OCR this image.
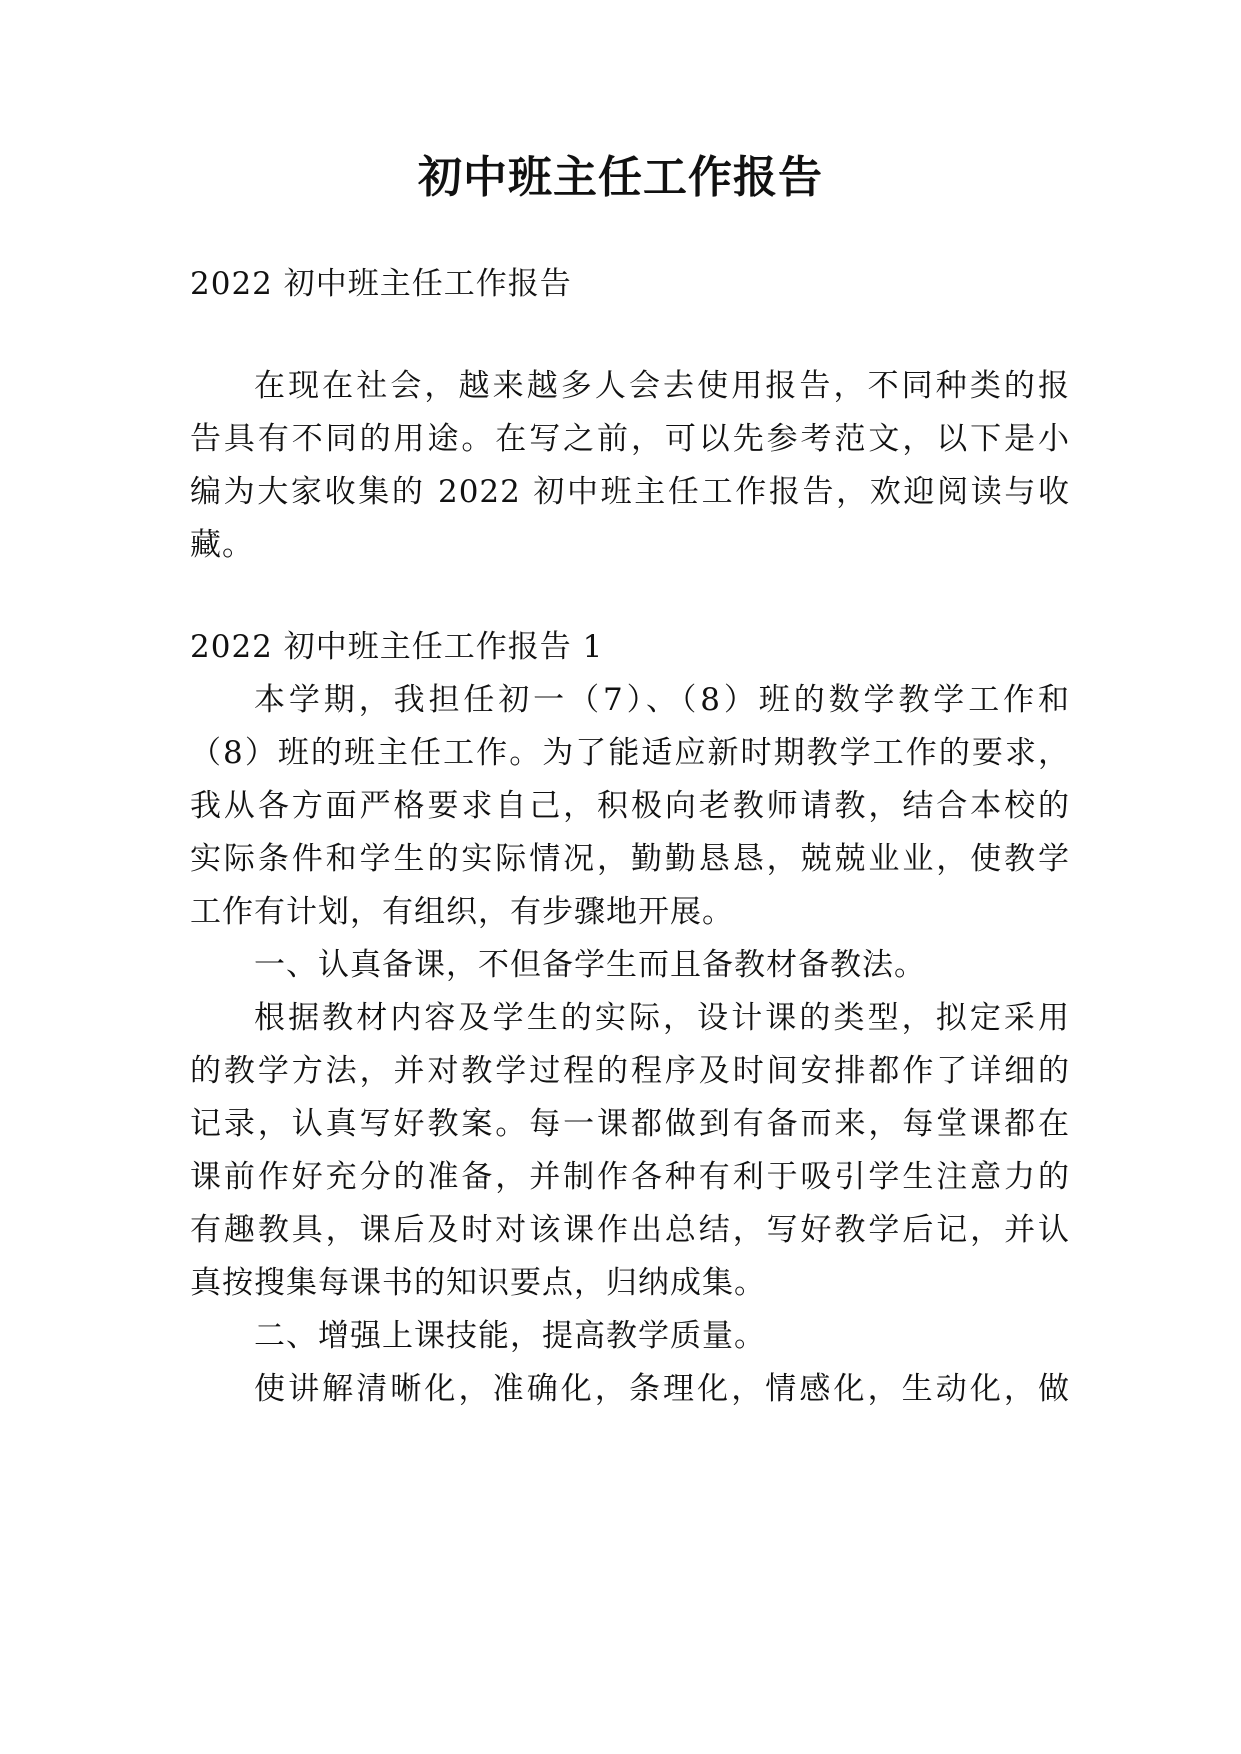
初中班主任工作报告
2022 初中班主任工作报告
在现在社会，越来越多人会去使用报告，不同种类的报
告具有不同的用途。在写之前，可以先参考范文，以下是小
编为大家收集的 2022 初中班主任工作报告，欢迎阅读与收
藏。
2022 初中班主任工作报告 1
本学期，我担任初一（7）、（8）班的数学教学工作和
（8）班的班主任工作。为了能适应新时期教学工作的要求，
我从各方面严格要求自己，积极向老教师请教，结合本校的
实际条件和学生的实际情况，勤勤恳恳，兢兢业业，使教学
工作有计划，有组织，有步骤地开展。
一、认真备课，不但备学生而且备教材备教法。
根据教材内容及学生的实际，设计课的类型，拟定采用
的教学方法，并对教学过程的程序及时间安排都作了详细的
记录，认真写好教案。每一课都做到有备而来，每堂课都在
课前作好充分的准备，并制作各种有利于吸引学生注意力的
有趣教具，课后及时对该课作出总结，写好教学后记，并认
真按搜集每课书的知识要点，归纳成集。
二、增强上课技能，提高教学质量。
使讲解清晰化，准确化，条理化，情感化，生动化，做
